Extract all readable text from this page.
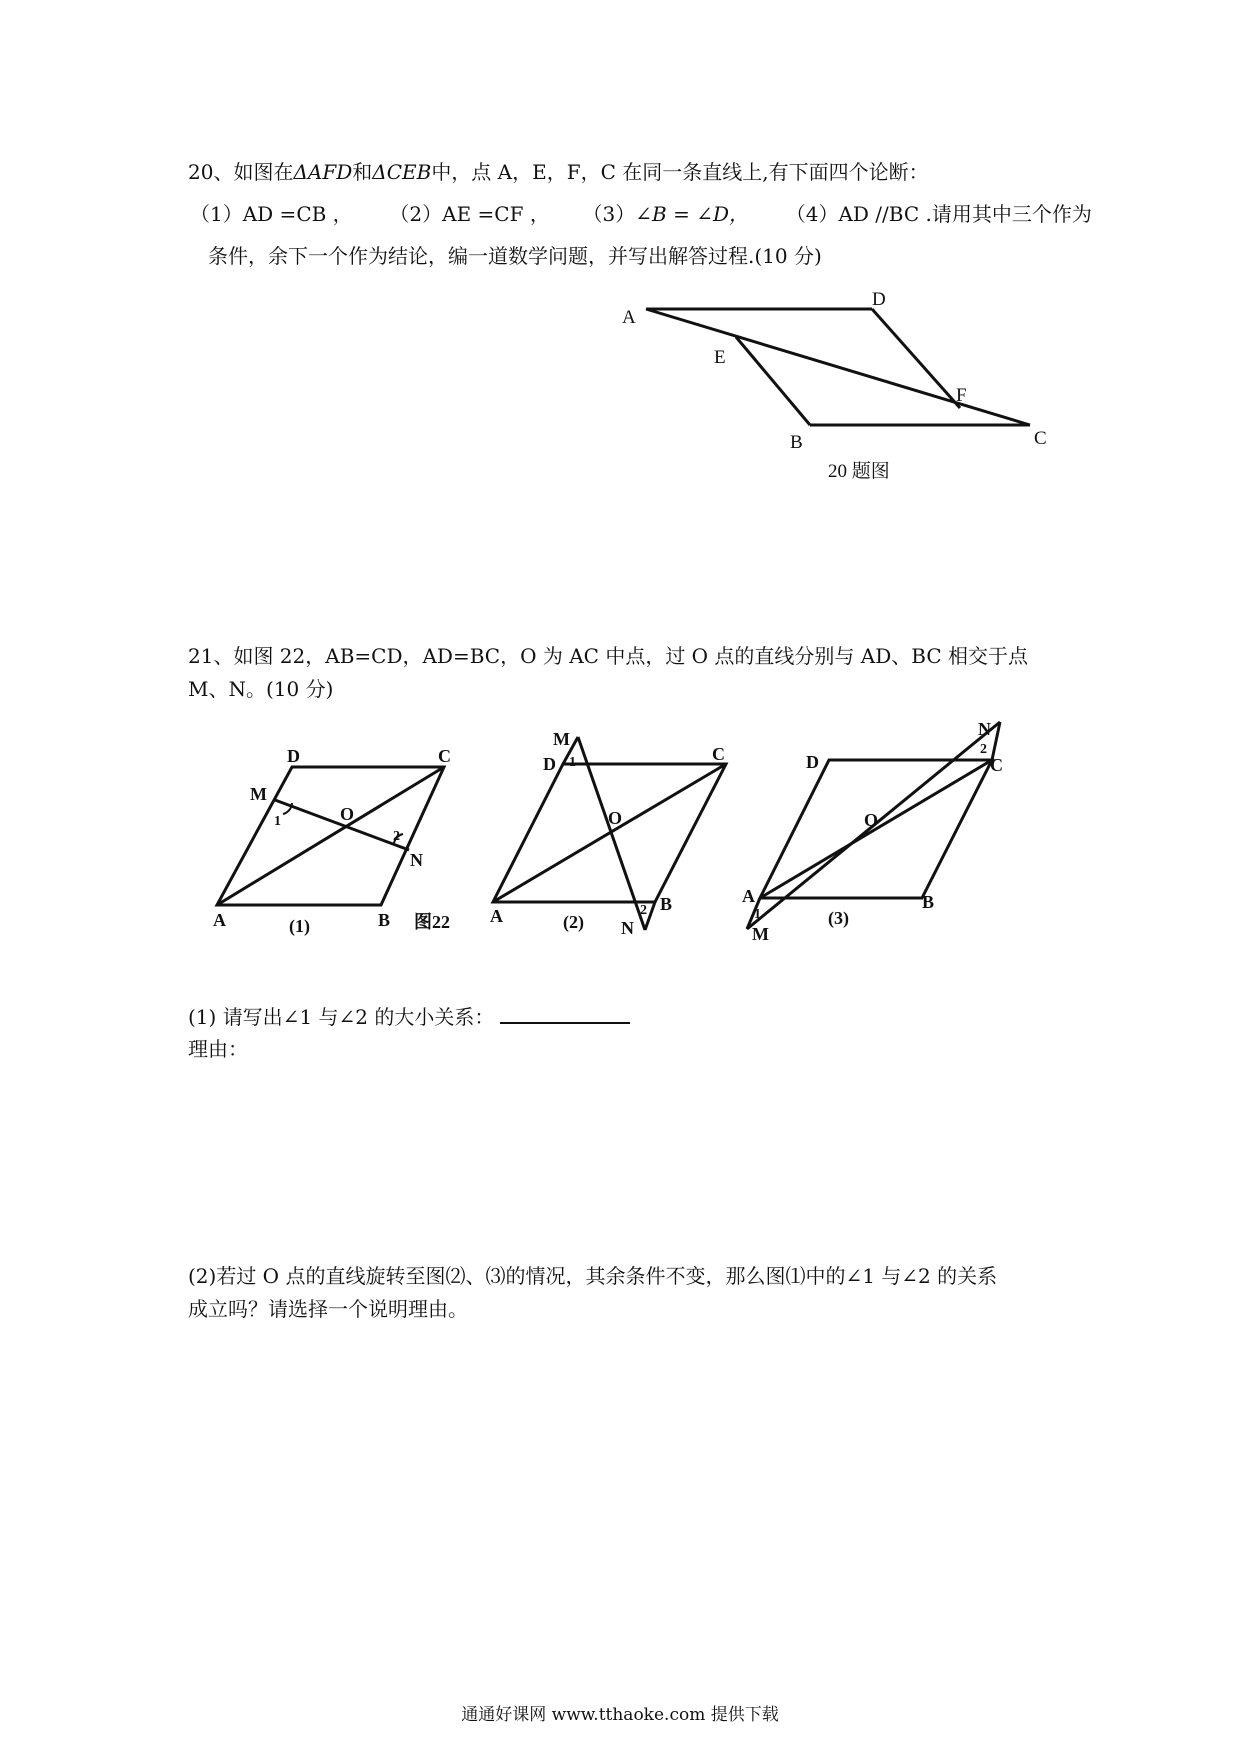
20、如图在ΔAFD和ΔCEB中，点 A，E，F，C 在同一条直线上,有下面四个论断：
（1）AD =CB ， （2）AE =CF ， （3）∠B = ∠D， （4）AD //BC .请用其中三个作为
条件，余下一个作为结论，编一道数学问题，并写出解答过程.(10 分)
A
D
E
F
B	C
20 题图
21、如图 22，AB=CD，AD=BC，O 为 AC 中点，过 O 点的直线分别与 AD、BC 相交于点
M、N。(10 分)
D	C
M
O
1
2
N
A	B
(1)	图22
M
D 1	C
O
A	2 B
N
(2)
N
2
C
D
O
A
1
B
M
(3)
(1) 请写出∠1 与∠2 的大小关系：
理由：
(2)若过 O 点的直线旋转至图⑵、⑶的情况，其余条件不变，那么图⑴中的∠1 与∠2 的关系
成立吗？请选择一个说明理由。
通通好课网 www.tthaoke.com 提供下载
